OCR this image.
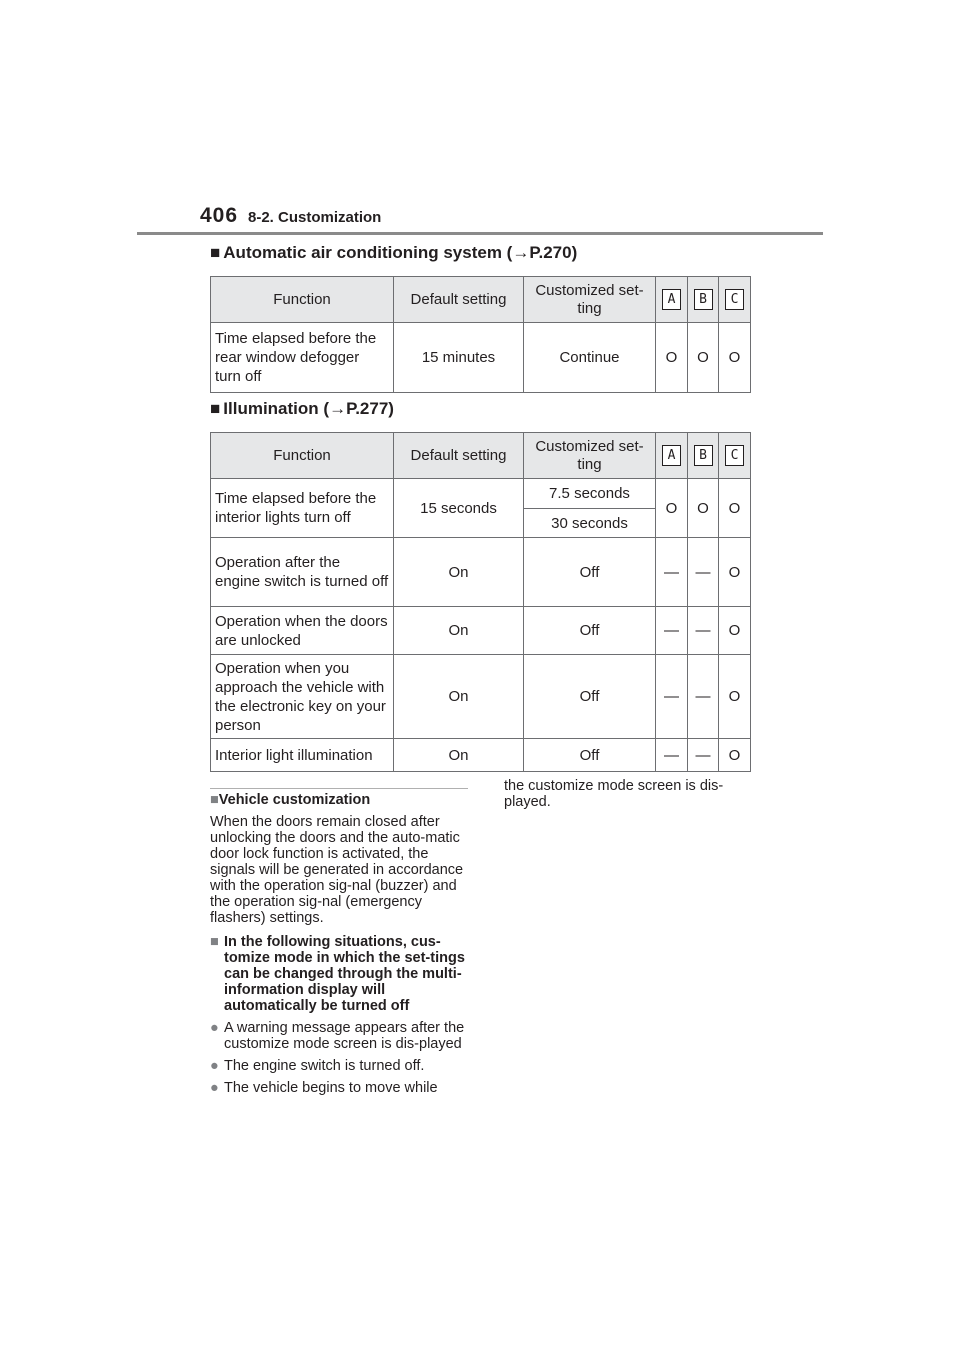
406 8-2. Customization
■ Automatic air conditioning system (→P.270)
Function	Default setting	Customized set-ting	A	B	C
Time elapsed before the rear window defogger turn off	15 minutes	Continue	O	O	O
■ Illumination (→P.277)
Function	Default setting	Customized set-ting	A	B	C
Time elapsed before the interior lights turn off	15 seconds	7.5 seconds	O	O	O
		30 seconds			
Operation after the engine switch is turned off	On	Off	—	—	O
Operation when the doors are unlocked	On	Off	—	—	O
Operation when you approach the vehicle with the electronic key on your person	On	Off	—	—	O
Interior light illumination	On	Off	—	—	O

■Vehicle customization

When the doors remain closed after unlocking the doors and the auto-matic door lock function is activated, the signals will be generated in accordance with the operation sig-nal (buzzer) and the operation sig-nal (emergency flashers) settings.

■ In the following situations, cus-tomize mode in which the set-tings can be changed through the multi-information display will automatically be turned off
● A warning message appears after the customize mode screen is dis-played
● The engine switch is turned off.
● The vehicle begins to move while

the customize mode screen is dis-played.
